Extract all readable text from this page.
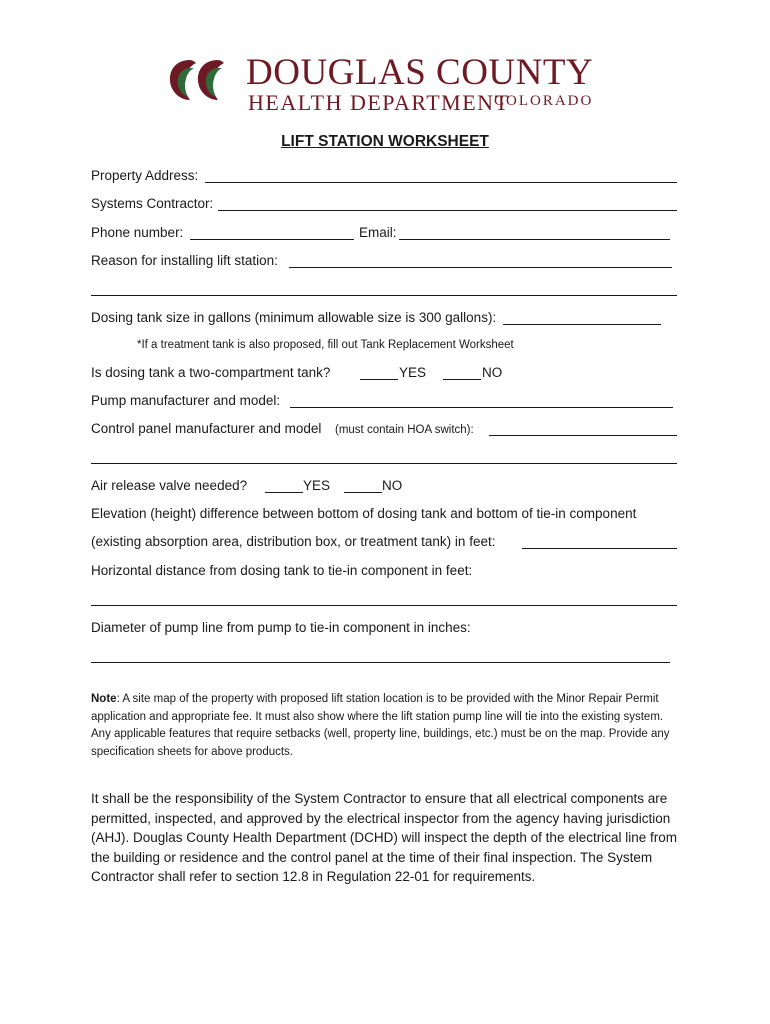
DOUGLAS COUNTY
HEALTH DEPARTMENT
COLORADO
LIFT STATION WORKSHEET
Property Address:
Systems Contractor:
Phone number:	Email:
Reason for installing lift station:
Dosing tank size in gallons (minimum allowable size is 300 gallons):
*If a treatment tank is also proposed, fill out Tank Replacement Worksheet
Is dosing tank a two-compartment tank?	YES	NO
Pump manufacturer and model:
Control panel manufacturer and model (must contain HOA switch):
Air release valve needed?	YES	NO
Elevation (height) difference between bottom of dosing tank and bottom of tie-in component
(existing absorption area, distribution box, or treatment tank) in feet:
Horizontal distance from dosing tank to tie-in component in feet:
Diameter of pump line from pump to tie-in component in inches:
Note: A site map of the property with proposed lift station location is to be provided with the Minor Repair Permit application and appropriate fee. It must also show where the lift station pump line will tie into the existing system. Any applicable features that require setbacks (well, property line, buildings, etc.) must be on the map. Provide any specification sheets for above products.
It shall be the responsibility of the System Contractor to ensure that all electrical components are permitted, inspected, and approved by the electrical inspector from the agency having jurisdiction (AHJ). Douglas County Health Department (DCHD) will inspect the depth of the electrical line from the building or residence and the control panel at the time of their final inspection. The System Contractor shall refer to section 12.8 in Regulation 22-01 for requirements.
